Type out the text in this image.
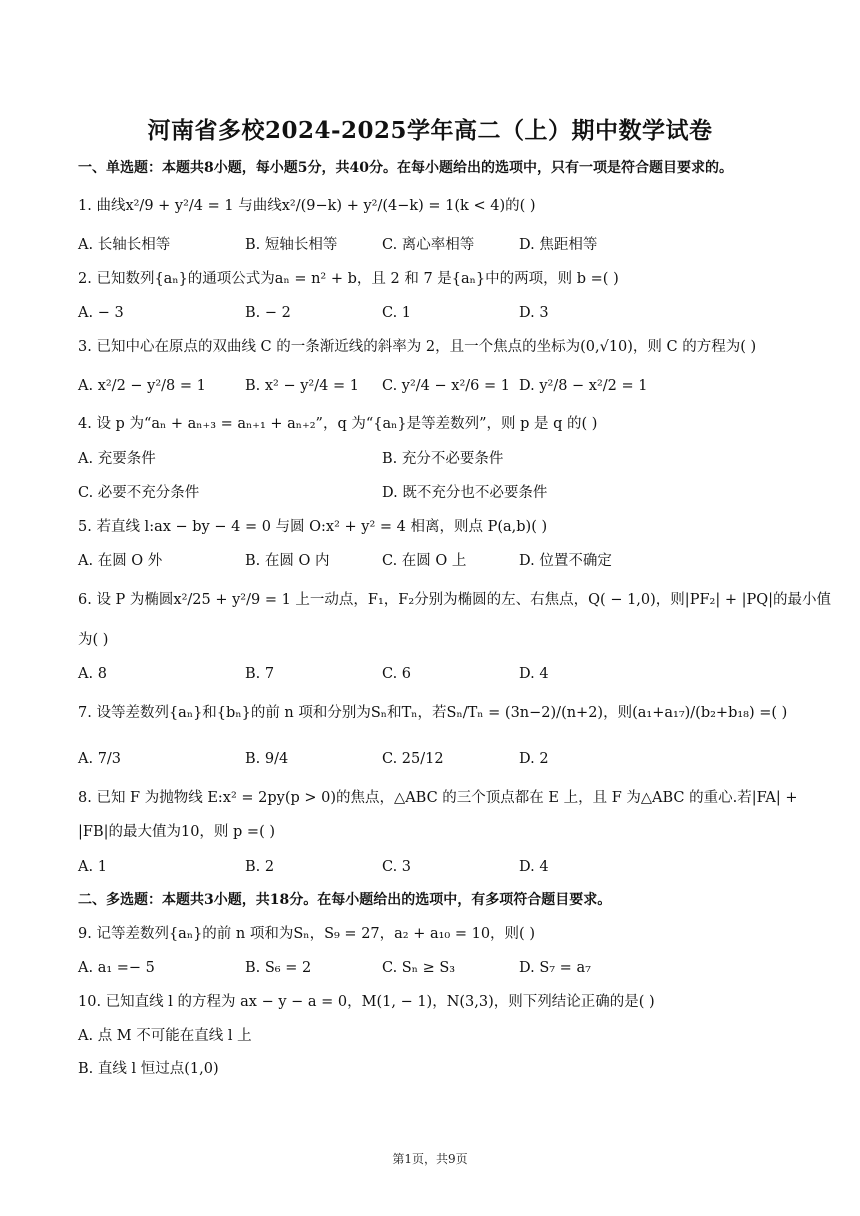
河南省多校2024-2025学年高二（上）期中数学试卷
一、单选题：本题共8小题，每小题5分，共40分。在每小题给出的选项中，只有一项是符合题目要求的。
1. 曲线x²/9 + y²/4 = 1 与曲线x²/(9−k) + y²/(4−k) = 1(k < 4)的( )
A. 长轴长相等	B. 短轴长相等	C. 离心率相等	D. 焦距相等
2. 已知数列{aₙ}的通项公式为aₙ = n² + b，且 2 和 7 是{aₙ}中的两项，则 b =( )
A. − 3	B. − 2	C. 1	D. 3
3. 已知中心在原点的双曲线 C 的一条渐近线的斜率为 2，且一个焦点的坐标为(0,√10)，则 C 的方程为( )
A. x²/2 − y²/8 = 1	B. x² − y²/4 = 1 C. y²/4 − x²/6 = 1 D. y²/8 − x²/2 = 1
4. 设 p 为“aₙ + aₙ₊₃ = aₙ₊₁ + aₙ₊₂”，q 为“{aₙ}是等差数列”，则 p 是 q 的( )
A. 充要条件	B. 充分不必要条件
C. 必要不充分条件	D. 既不充分也不必要条件
5. 若直线 l:ax − by − 4 = 0 与圆 O:x² + y² = 4 相离，则点 P(a,b)( )
A. 在圆 O 外	B. 在圆 O 内	C. 在圆 O 上	D. 位置不确定
6. 设 P 为椭圆x²/25 + y²/9 = 1 上一动点，F₁，F₂分别为椭圆的左、右焦点，Q( − 1,0)，则|PF₂| + |PQ|的最小值
为( )
A. 8	B. 7	C. 6	D. 4
7. 设等差数列{aₙ}和{bₙ}的前 n 项和分别为Sₙ和Tₙ，若Sₙ/Tₙ = (3n−2)/(n+2)，则(a₁+a₁₇)/(b₂+b₁₈) =( )
A. 7/3	B. 9/4	C. 25/12	D. 2
8. 已知 F 为抛物线 E:x² = 2py(p > 0)的焦点，△ABC 的三个顶点都在 E 上，且 F 为△ABC 的重心.若|FA| +
|FB|的最大值为10，则 p =( )
A. 1	B. 2	C. 3	D. 4
二、多选题：本题共3小题，共18分。在每小题给出的选项中，有多项符合题目要求。
9. 记等差数列{aₙ}的前 n 项和为Sₙ，S₉ = 27，a₂ + a₁₀ = 10，则( )
A. a₁ =− 5	B. S₆ = 2	C. Sₙ ≥ S₃	D. S₇ = a₇
10. 已知直线 l 的方程为 ax − y − a = 0，M(1, − 1)，N(3,3)，则下列结论正确的是( )
A. 点 M 不可能在直线 l 上
B. 直线 l 恒过点(1,0)
第1页，共9页
